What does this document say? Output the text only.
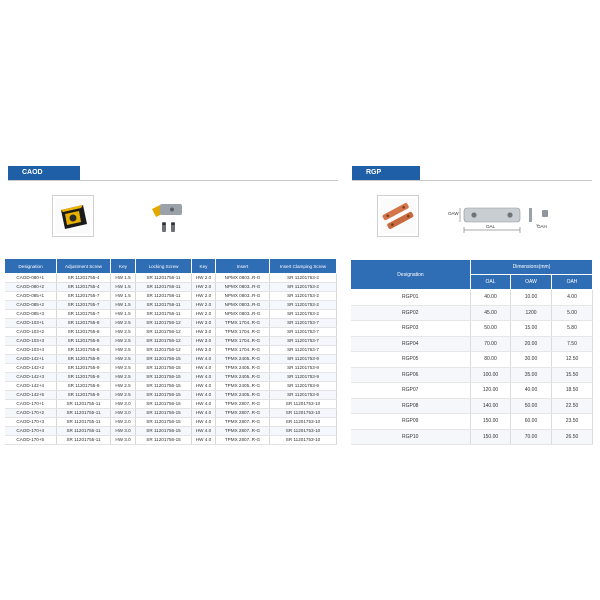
CAOD
Designation	Adjustment Screw	Key	Locking Screw	Key	Insert	Insert Clamping Screw
CAOD-080+1	SR 11201755-4	HW 1.5	SR 11201756-11	HW 2.0	NPMX 0803..R-G	SR 11201753-2
CAOD-080+2	SR 11201755-4	HW 1.5	SR 11201756-11	HW 2.0	NPMX 0803..R-G	SR 11201753-2
CAOD-085+1	SR 11201755-7	HW 1.5	SR 11201756-11	HW 2.0	NPMX 0803..R-G	SR 11201753-2
CAOD-085+2	SR 11201755-7	HW 1.5	SR 11201756-11	HW 2.0	NPMX 0803..R-G	SR 11201753-2
CAOD-085+3	SR 11201755-7	HW 1.5	SR 11201756-11	HW 2.0	NPMX 0803..R-G	SR 11201753-2
CAOD-103+1	SR 11201755-8	HW 2.5	SR 11201756-12	HW 3.0	TPMX 1704..R-G	SR 11201753-7
CAOD-103+2	SR 11201755-8	HW 2.5	SR 11201756-12	HW 3.0	TPMX 1704..R-G	SR 11201753-7
CAOD-103+3	SR 11201755-8	HW 2.5	SR 11201756-12	HW 3.0	TPMX 1704..R-G	SR 11201753-7
CAOD-103+4	SR 11201755-8	HW 2.5	SR 11201756-12	HW 3.0	TPMX 1704..R-G	SR 11201753-7
CAOD-142+1	SR 11201755-9	HW 2.5	SR 11201756-15	HW 4.0	TPMX 2405..R-G	SR 11201753-9
CAOD-142+2	SR 11201755-9	HW 2.5	SR 11201756-15	HW 4.0	TPMX 2405..R-G	SR 11201753-9
CAOD-142+3	SR 11201755-9	HW 2.5	SR 11201756-15	HW 4.0	TPMX 2405..R-G	SR 11201753-9
CAOD-142+4	SR 11201755-9	HW 2.5	SR 11201756-15	HW 4.0	TPMX 2405..R-G	SR 11201753-9
CAOD-142+5	SR 11201755-9	HW 2.5	SR 11201756-15	HW 4.0	TPMX 2405..R-G	SR 11201753-9
CAOD-170+1	SR 11201755-11	HW 3.0	SR 11201756-15	HW 4.0	TPMX 2807..R-G	SR 11201753-10
CAOD-170+2	SR 11201755-11	HW 3.0	SR 11201756-15	HW 4.0	TPMX 2807..R-G	SR 11201753-10
CAOD-170+3	SR 11201755-11	HW 3.0	SR 11201756-15	HW 4.0	TPMX 2807..R-G	SR 11201753-10
CAOD-170+4	SR 11201755-11	HW 3.0	SR 11201756-15	HW 4.0	TPMX 2807..R-G	SR 11201753-10
CAOD-170+5	SR 11201755-11	HW 3.0	SR 11201756-15	HW 4.0	TPMX 2807..R-G	SR 11201753-10
RGP
OAW
OAL	OAH
Designation	Dimensions(mm)		
	OAL	OAW	OAH
RGP01	40.00	10.00	4.00
RGP02	45.00	1200	5.00
RGP03	50.00	15.00	5.80
RGP04	70.00	20.00	7.50
RGP05	80.00	30.00	12.50
RGP06	100.00	35.00	15.50
RGP07	120.00	40.00	18.50
RGP08	140.00	50.00	22.50
RGP09	150.00	60.00	23.50
RGP10	150.00	70.00	26.50
